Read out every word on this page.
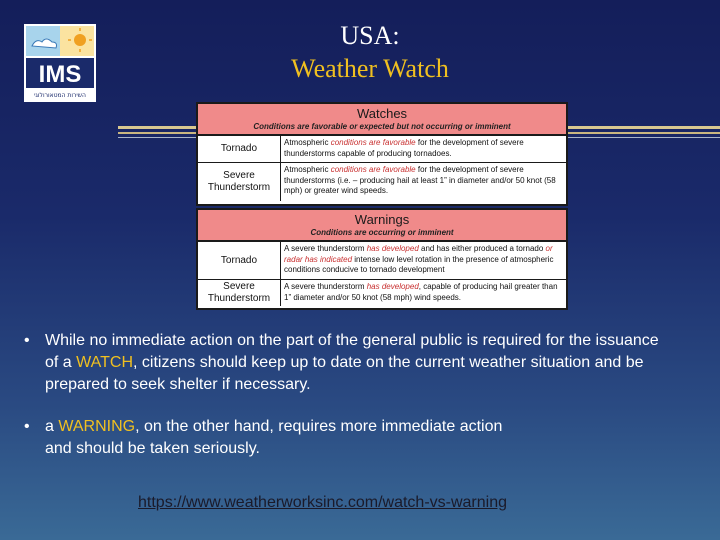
IMS
השירות המטאורולוגי
USA:
Weather Watch
Watches
Conditions are favorable or expected but not occurring or imminent
Tornado
Atmospheric conditions are favorable for the development of severe thunderstorms capable of producing tornadoes.
Severe Thunderstorm
Atmospheric conditions are favorable for the development of severe thunderstorms (i.e. – producing hail at least 1” in diameter and/or 50 knot (58 mph) or greater wind speeds.
Warnings
Conditions are occurring or imminent
Tornado
A severe thunderstorm has developed and has either produced a tornado or radar has indicated intense low level rotation in the presence of atmospheric conditions conducive to tornado development
Severe Thunderstorm
A severe thunderstorm has developed, capable of producing hail greater than 1” diameter and/or 50 knot (58 mph) wind speeds.
• While no immediate action on the part of the general public is required for the issuance of a WATCH, citizens should keep up to date on the current weather situation and be prepared to seek shelter if necessary.
• a WARNING, on the other hand, requires more immediate action and should be taken seriously.
https://www.weatherworksinc.com/watch-vs-warning
